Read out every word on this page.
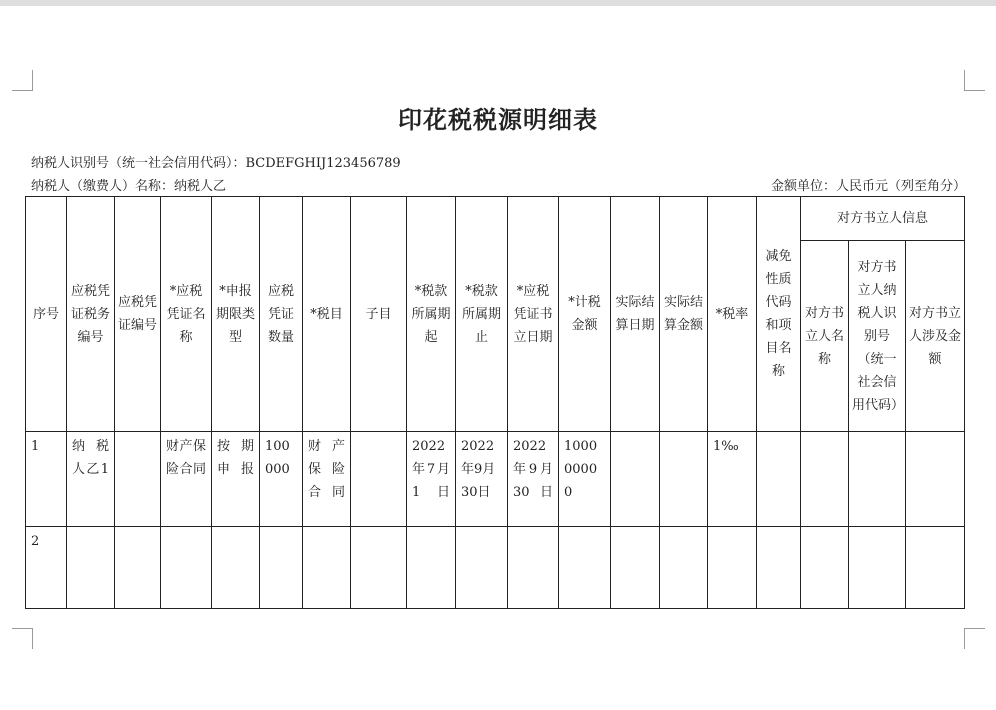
印花税税源明细表
纳税人识别号（统一社会信用代码）：BCDEFGHIJ123456789
纳税人（缴费人）名称：纳税人乙	金额单位：人民币元（列至角分）
序号	应税凭证税务编号	应税凭证编号	*应税凭证名称	*申报期限类型	应税凭证数量	*税目	子目	*税款所属期起	*税款所属期止	*应税凭证书立日期	*计税金额	实际结算日期	实际结算金额	*税率	减免性质代码和项目名称	对方书立人信息		
																对方书立人名称	对方书立人纳税人识别号（统一社会信用代码）	对方书立人涉及金额
1	纳税人乙1		财产保险合同	按期申报	100000	财产保险合同		2022年7月1日	2022年9月30日	2022年9月30日	100000000			1‰				
2																		
